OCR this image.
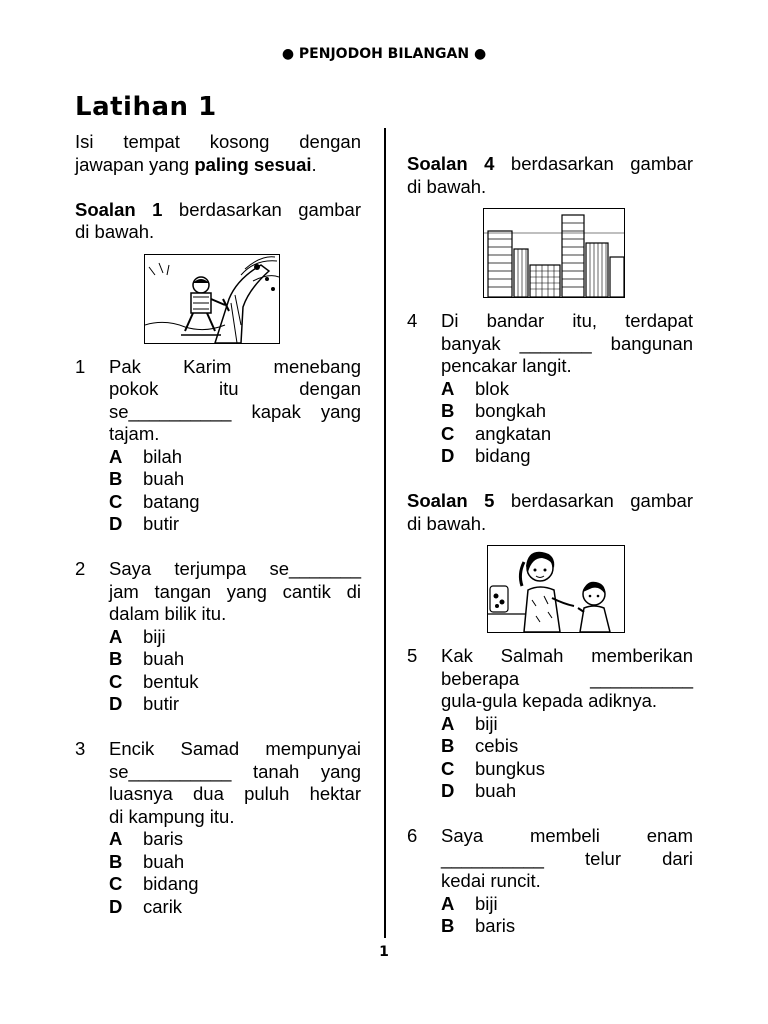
● PENJODOH BILANGAN ●
Latihan 1
Isi tempat kosong dengan
jawapan yang paling sesuai.
Soalan 1 berdasarkan gambar
di bawah.
1	Pak Karim menebang
pokok itu dengan
se__________ kapak yang
tajam.
A	bilah
B	buah
C	batang
D	butir
2	Saya terjumpa se_______
jam tangan yang cantik di
dalam bilik itu.
A	biji
B	buah
C	bentuk
D	butir
3	Encik Samad mempunyai
se__________ tanah yang
luasnya dua puluh hektar
di kampung itu.
A	baris
B	buah
C	bidang
D	carik
Soalan 4 berdasarkan gambar
di bawah.
4	Di bandar itu, terdapat
banyak _______ bangunan
pencakar langit.
A	blok
B	bongkah
C	angkatan
D	bidang
Soalan 5 berdasarkan gambar
di bawah.
5	Kak Salmah memberikan
beberapa __________
gula-gula kepada adiknya.
A	biji
B	cebis
C	bungkus
D	buah
6	Saya membeli enam
__________ telur dari
kedai runcit.
A	biji
B	baris
1
